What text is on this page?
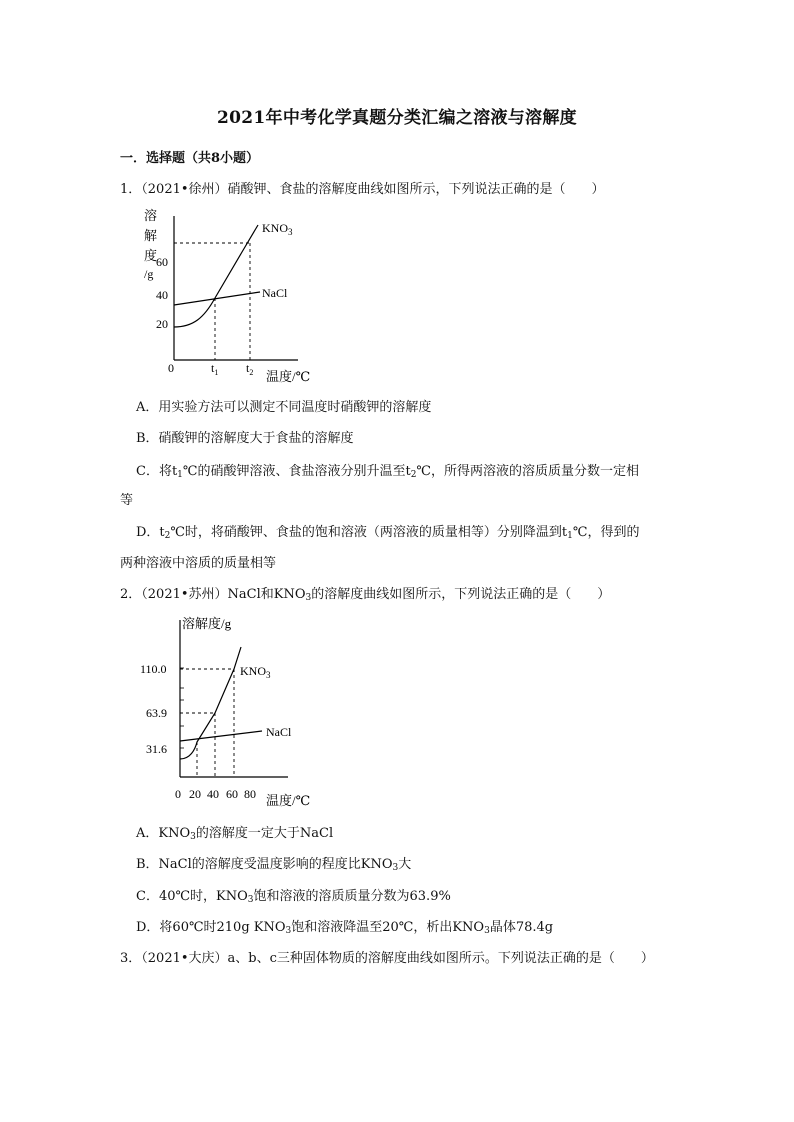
2021年中考化学真题分类汇编之溶液与溶解度
一．选择题（共8小题）
1．（2021•徐州）硝酸钾、食盐的溶解度曲线如图所示，下列说法正确的是（　　）
溶
解
度
/g
60
40
20
$KNO_3$
NaCl
0	$t_1$ $t_2$ 温度/℃
A．用实验方法可以测定不同温度时硝酸钾的溶解度
B．硝酸钾的溶解度大于食盐的溶解度
C．将$t_1℃$的硝酸钾溶液、食盐溶液分别升温至$t_2℃$，所得两溶液的溶质质量分数一定相
等
D．$t_2℃$时，将硝酸钾、食盐的饱和溶液（两溶液的质量相等）分别降温到$t_1℃$，得到的
两种溶液中溶质的质量相等
2．（2021•苏州）NaCl和$KNO_3$的溶解度曲线如图所示，下列说法正确的是（　　）
溶解度/g
110.0
63.9
31.6
$KNO_3$
NaCl
0 20 40 60 80 温度/℃
A．$KNO_3$的溶解度一定大于NaCl
B．NaCl的溶解度受温度影响的程度比$KNO_3$大
C．40℃时，$KNO_3$饱和溶液的溶质质量分数为63.9%
D．将60℃时210g $KNO_3$饱和溶液降温至20℃，析出$KNO_3$晶体78.4g
3．（2021•大庆）a、b、c三种固体物质的溶解度曲线如图所示。下列说法正确的是（　　）
